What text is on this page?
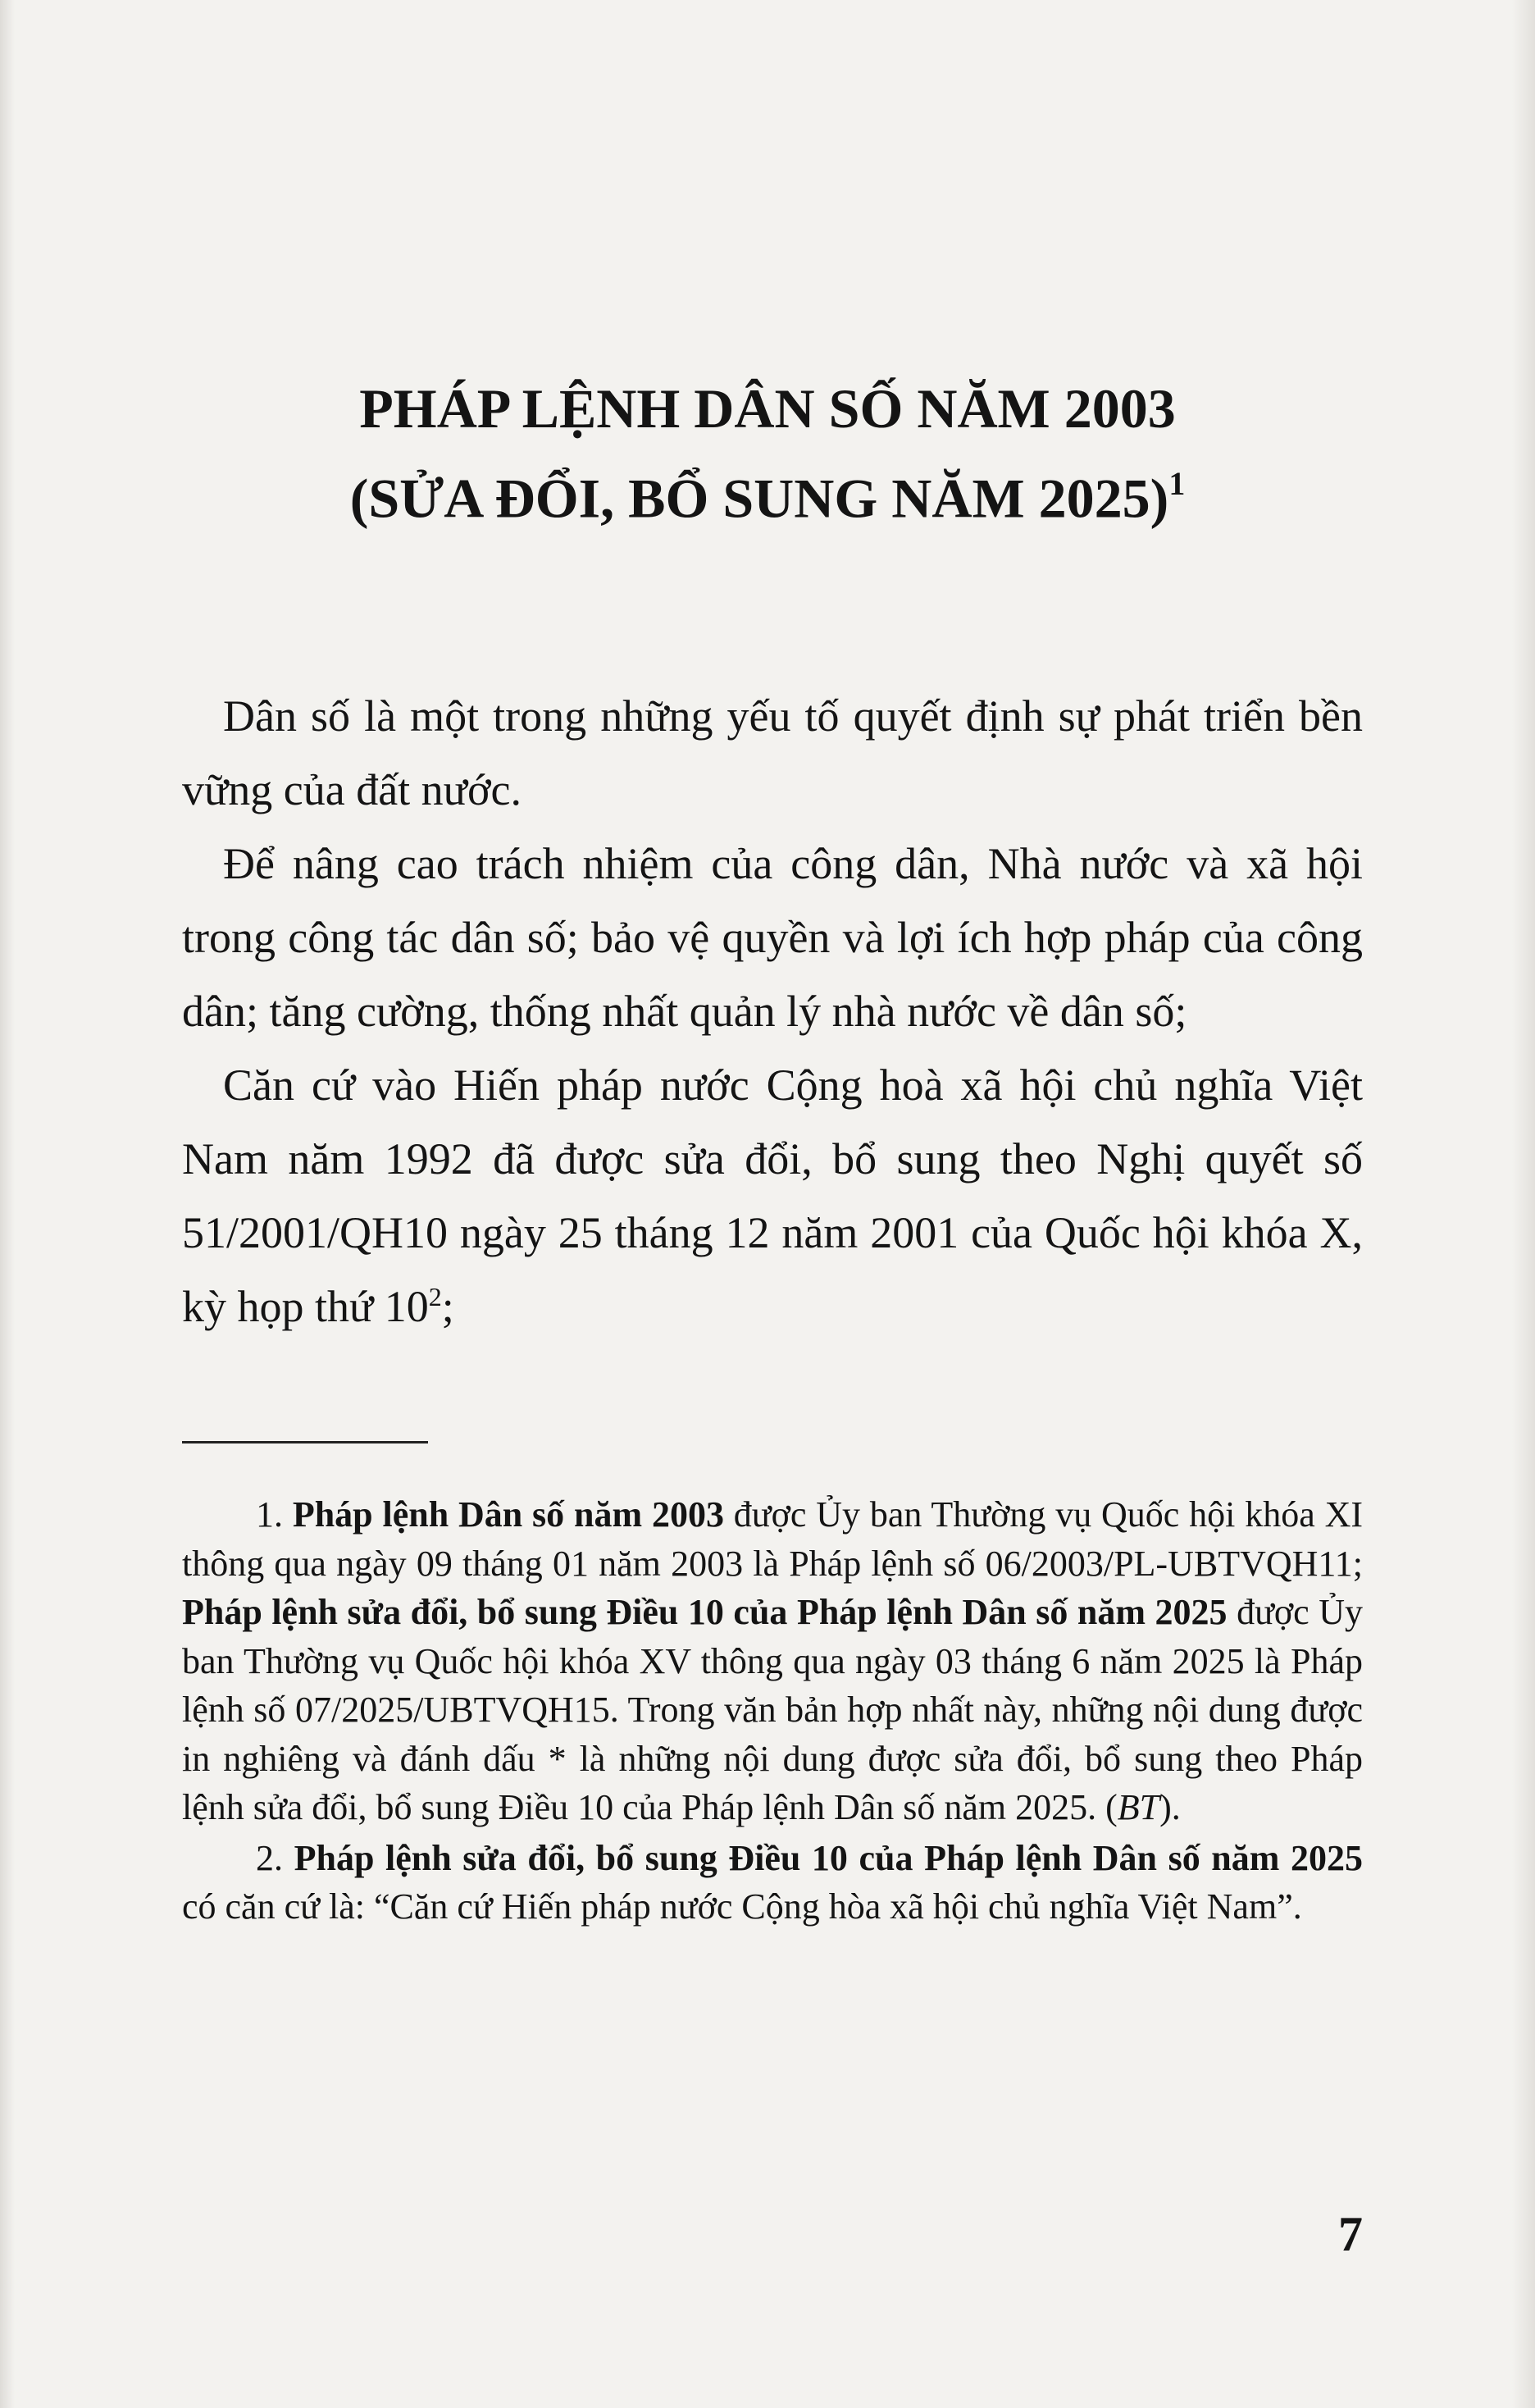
PHÁP LỆNH DÂN SỐ NĂM 2003
(SỬA ĐỔI, BỔ SUNG NĂM 2025)$^1$

Dân số là một trong những yếu tố quyết định sự phát triển bền vững của đất nước.

Để nâng cao trách nhiệm của công dân, Nhà nước và xã hội trong công tác dân số; bảo vệ quyền và lợi ích hợp pháp của công dân; tăng cường, thống nhất quản lý nhà nước về dân số;

Căn cứ vào Hiến pháp nước Cộng hoà xã hội chủ nghĩa Việt Nam năm 1992 đã được sửa đổi, bổ sung theo Nghị quyết số 51/2001/QH10 ngày 25 tháng 12 năm 2001 của Quốc hội khóa X, kỳ họp thứ 10$^2$;

1. Pháp lệnh Dân số năm 2003 được Ủy ban Thường vụ Quốc hội khóa XI thông qua ngày 09 tháng 01 năm 2003 là Pháp lệnh số 06/2003/PL-UBTVQH11; Pháp lệnh sửa đổi, bổ sung Điều 10 của Pháp lệnh Dân số năm 2025 được Ủy ban Thường vụ Quốc hội khóa XV thông qua ngày 03 tháng 6 năm 2025 là Pháp lệnh số 07/2025/UBTVQH15. Trong văn bản hợp nhất này, những nội dung được in nghiêng và đánh dấu * là những nội dung được sửa đổi, bổ sung theo Pháp lệnh sửa đổi, bổ sung Điều 10 của Pháp lệnh Dân số năm 2025. (BT).

2. Pháp lệnh sửa đổi, bổ sung Điều 10 của Pháp lệnh Dân số năm 2025 có căn cứ là: “Căn cứ Hiến pháp nước Cộng hòa xã hội chủ nghĩa Việt Nam”.

7
